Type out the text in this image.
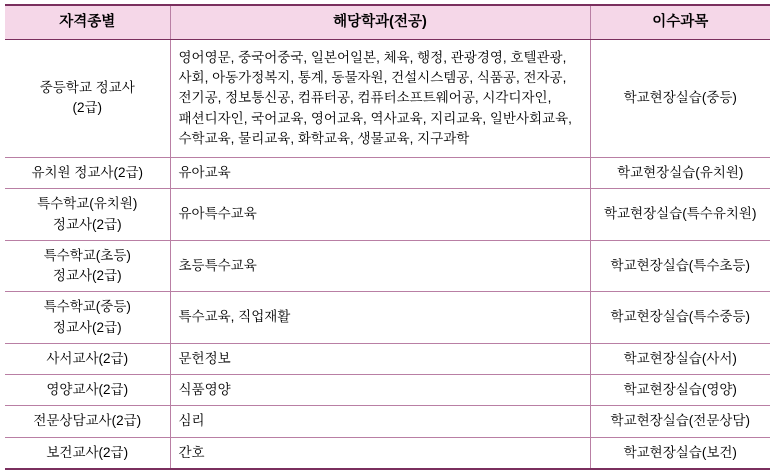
자격종별	해당학과(전공)	이수과목
중등학교 정교사
(2급)	영어영문, 중국어중국, 일본어일본, 체육, 행정, 관광경영, 호텔관광, 사회, 아동가정복지, 통계, 동물자원, 건설시스템공, 식품공, 전자공, 전기공, 정보통신공, 컴퓨터공, 컴퓨터소프트웨어공, 시각디자인, 패션디자인, 국어교육, 영어교육, 역사교육, 지리교육, 일반사회교육, 수학교육, 물리교육, 화학교육, 생물교육, 지구과학	학교현장실습(중등)
유치원 정교사(2급)	유아교육	학교현장실습(유치원)
특수학교(유치원)
정교사(2급)	유아특수교육	학교현장실습(특수유치원)
특수학교(초등)
정교사(2급)	초등특수교육	학교현장실습(특수초등)
특수학교(중등)
정교사(2급)	특수교육, 직업재활	학교현장실습(특수중등)
사서교사(2급)	문헌정보	학교현장실습(사서)
영양교사(2급)	식품영양	학교현장실습(영양)
전문상담교사(2급)	심리	학교현장실습(전문상담)
보건교사(2급)	간호	학교현장실습(보건)
